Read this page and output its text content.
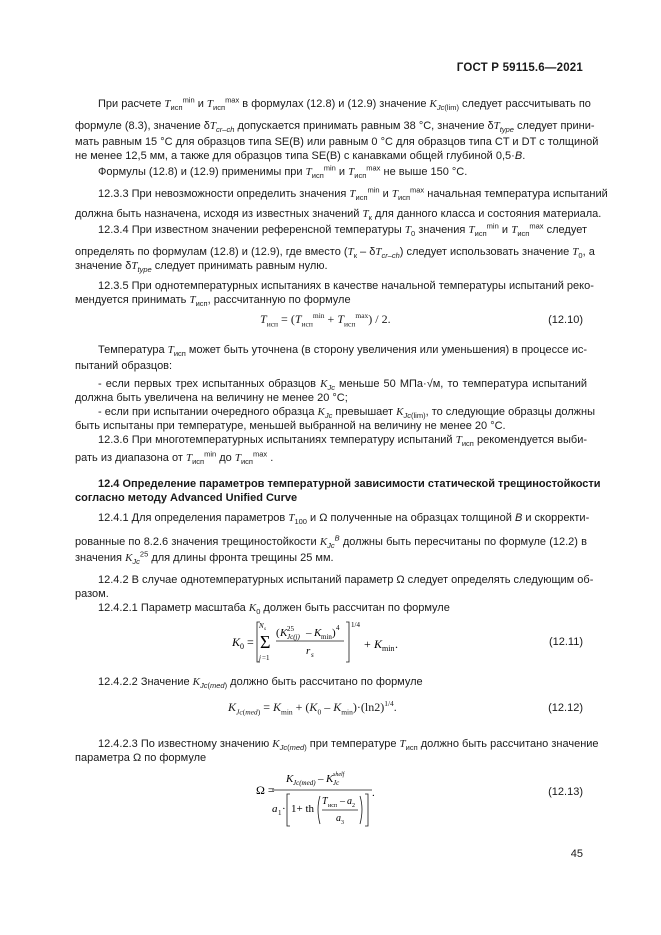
ГОСТ Р 59115.6—2021
При расчете $T_{исп}^{min}$ и $T_{исп}^{max}$ в формулах (12.8) и (12.9) значение $K_{Jc(lim)}$ следует рассчитывать по
формуле (8.3), значение $\delta T_{cr-ch}$ допускается принимать равным 38 °C, значение $\delta T_{type}$ следует прини-
мать равным 15 °C для образцов типа SE(B) или равным 0 °C для образцов типа CT и DT с толщиной
не менее 12,5 мм, а также для образцов типа SE(B) с канавками общей глубиной 0,5·B.
Формулы (12.8) и (12.9) применимы при $T_{исп}^{min}$ и $T_{исп}^{max}$ не выше 150 °C.
12.3.3 При невозможности определить значения $T_{исп}^{min}$ и $T_{исп}^{max}$ начальная температура испытаний
должна быть назначена, исходя из известных значений $T_к$ для данного класса и состояния материала.
12.3.4 При известном значении референсной температуры $T_0$ значения $T_{исп}^{min}$ и $T_{исп}^{max}$ следует
определять по формулам (12.8) и (12.9), где вместо $(T_к - \delta T_{cr-ch})$ следует использовать значение $T_0$, а
значение $\delta T_{type}$ следует принимать равным нулю.
12.3.5 При однотемпературных испытаниях в качестве начальной температуры испытаний реко-
мендуется принимать $T_{исп}$, рассчитанную по формуле
$T_{исп} = (T_{исп}^{min} + T_{исп}^{max}) / 2$.	(12.10)
Температура $T_{исп}$ может быть уточнена (в сторону увеличения или уменьшения) в процессе ис-
пытаний образцов:
- если первых трех испытанных образцов $K_{Jc}$ меньше 50 МПа·√м, то температура испытаний
должна быть увеличена на величину не менее 20 °C;
- если при испытании очередного образца $K_{Jc}$ превышает $K_{Jc(lim)}$, то следующие образцы должны
быть испытаны при температуре, меньшей выбранной на величину не менее 20 °C.
12.3.6 При многотемпературных испытаниях температуру испытаний $T_{исп}$ рекомендуется выби-
рать из диапазона от $T_{исп}^{min}$ до $T_{исп}^{max}$ .
12.4 Определение параметров температурной зависимости статической трещиностойкости
согласно методу Advanced Unified Curve
12.4.1 Для определения параметров $T_{100}$ и Ω полученные на образцах толщиной B и скорректи-
рованные по 8.2.6 значения трещиностойкости $K_{Jc}^B$ должны быть пересчитаны по формуле (12.2) в
значения $K_{Jc}^{25}$ для длины фронта трещины 25 мм.
12.4.2 В случае однотемпературных испытаний параметр Ω следует определять следующим об-
разом.
12.4.2.1 Параметр масштаба $K_0$ должен быть рассчитан по формуле
K 0 =
N s
Σ
j =1
( K 25
Jc(j) – K min ) 4
r s
1/4
+ K min .	(12.11)
12.4.2.2 Значение $K_{Jc(med)}$ должно быть рассчитано по формуле
$K_{Jc(med)} = K_{min} + (K_0 - K_{min})\cdot(\ln 2)^{1/4}$.	(12.12)
12.4.2.3 По известному значению $K_{Jc(med)}$ при температуре $T_{исп}$ должно быть рассчитано значение
параметра Ω по формуле
Ω =
K Jc(med) – K shelf
Jc
a 1 · 1+ th
T исп – a 2
a 3
.	(12.13)
45
